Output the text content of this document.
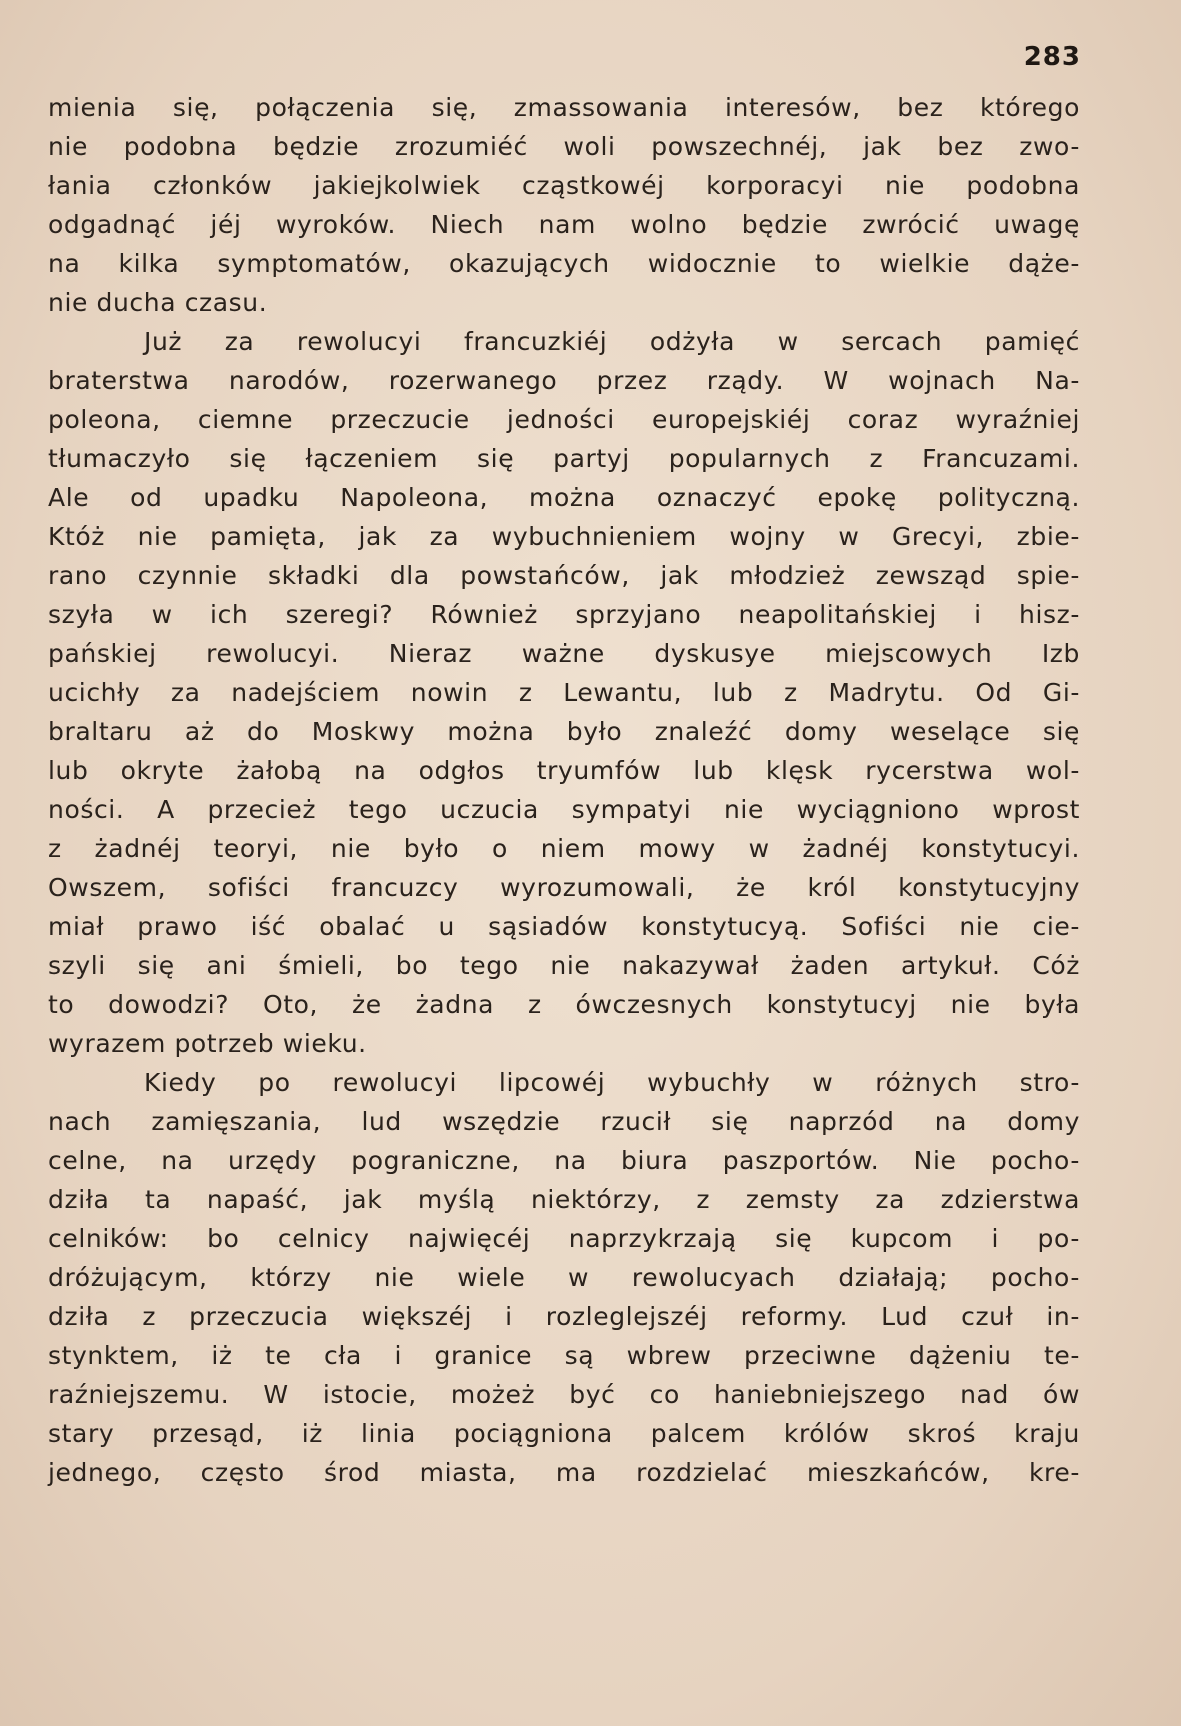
283
mienia się, połączenia się, zmassowania interesów, bez którego
nie podobna będzie zrozumiéć woli powszechnéj, jak bez zwo-
łania członków jakiejkolwiek cząstkowéj korporacyi nie podobna
odgadnąć jéj wyroków. Niech nam wolno będzie zwrócić uwagę
na kilka symptomatów, okazujących widocznie to wielkie dąże-
nie ducha czasu.
Już za rewolucyi francuzkiéj odżyła w sercach pamięć
braterstwa narodów, rozerwanego przez rządy. W wojnach Na-
poleona, ciemne przeczucie jedności europejskiéj coraz wyraźniej
tłumaczyło się łączeniem się partyj popularnych z Francuzami.
Ale od upadku Napoleona, można oznaczyć epokę polityczną.
Któż nie pamięta, jak za wybuchnieniem wojny w Grecyi, zbie-
rano czynnie składki dla powstańców, jak młodzież zewsząd spie-
szyła w ich szeregi? Również sprzyjano neapolitańskiej i hisz-
pańskiej rewolucyi. Nieraz ważne dyskusye miejscowych Izb
ucichły za nadejściem nowin z Lewantu, lub z Madrytu. Od Gi-
braltaru aż do Moskwy można było znaleźć domy weselące się
lub okryte żałobą na odgłos tryumfów lub klęsk rycerstwa wol-
ności. A przecież tego uczucia sympatyi nie wyciągniono wprost
z żadnéj teoryi, nie było o niem mowy w żadnéj konstytucyi.
Owszem, sofiści francuzcy wyrozumowali, że król konstytucyjny
miał prawo iść obalać u sąsiadów konstytucyą. Sofiści nie cie-
szyli się ani śmieli, bo tego nie nakazywał żaden artykuł. Cóż
to dowodzi? Oto, że żadna z ówczesnych konstytucyj nie była
wyrazem potrzeb wieku.
Kiedy po rewolucyi lipcowéj wybuchły w różnych stro-
nach zamięszania, lud wszędzie rzucił się naprzód na domy
celne, na urzędy pograniczne, na biura paszportów. Nie pocho-
dziła ta napaść, jak myślą niektórzy, z zemsty za zdzierstwa
celników: bo celnicy najwięcéj naprzykrzają się kupcom i po-
dróżującym, którzy nie wiele w rewolucyach działają; pocho-
dziła z przeczucia większéj i rozleglejszéj reformy. Lud czuł in-
stynktem, iż te cła i granice są wbrew przeciwne dążeniu te-
raźniejszemu. W istocie, możeż być co haniebniejszego nad ów
stary przesąd, iż linia pociągniona palcem królów skroś kraju
jednego, często środ miasta, ma rozdzielać mieszkańców, kre-
